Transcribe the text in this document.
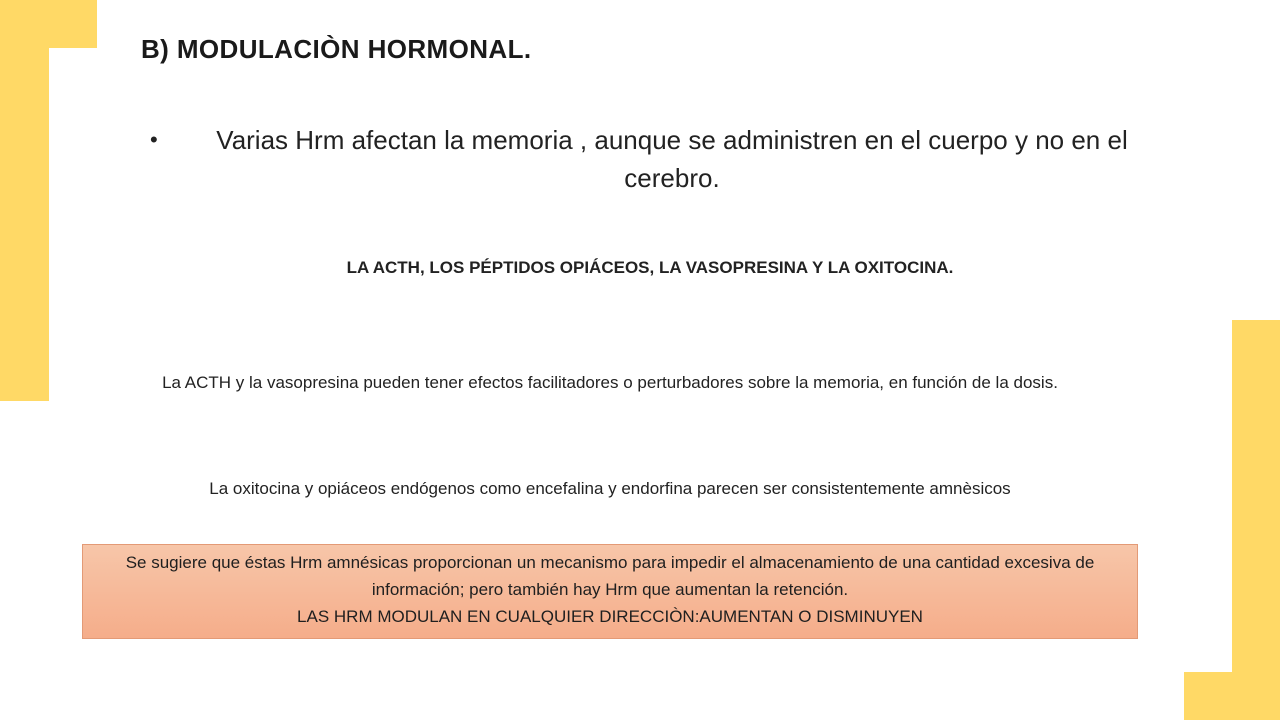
B) MODULACIÒN HORMONAL.
•	Varias Hrm afectan la memoria , aunque se administren en el cuerpo y no en el cerebro.

LA ACTH, LOS PÉPTIDOS OPIÁCEOS, LA VASOPRESINA Y LA OXITOCINA.

La ACTH y la vasopresina pueden tener efectos facilitadores o perturbadores sobre la memoria, en función de la dosis.

La oxitocina y opiáceos endógenos como encefalina y endorfina parecen ser consistentemente amnèsicos

Se sugiere que éstas Hrm amnésicas proporcionan un mecanismo para impedir el almacenamiento de una cantidad excesiva de información; pero también hay Hrm que aumentan la retención.
LAS HRM MODULAN EN CUALQUIER DIRECCIÒN:AUMENTAN O DISMINUYEN
